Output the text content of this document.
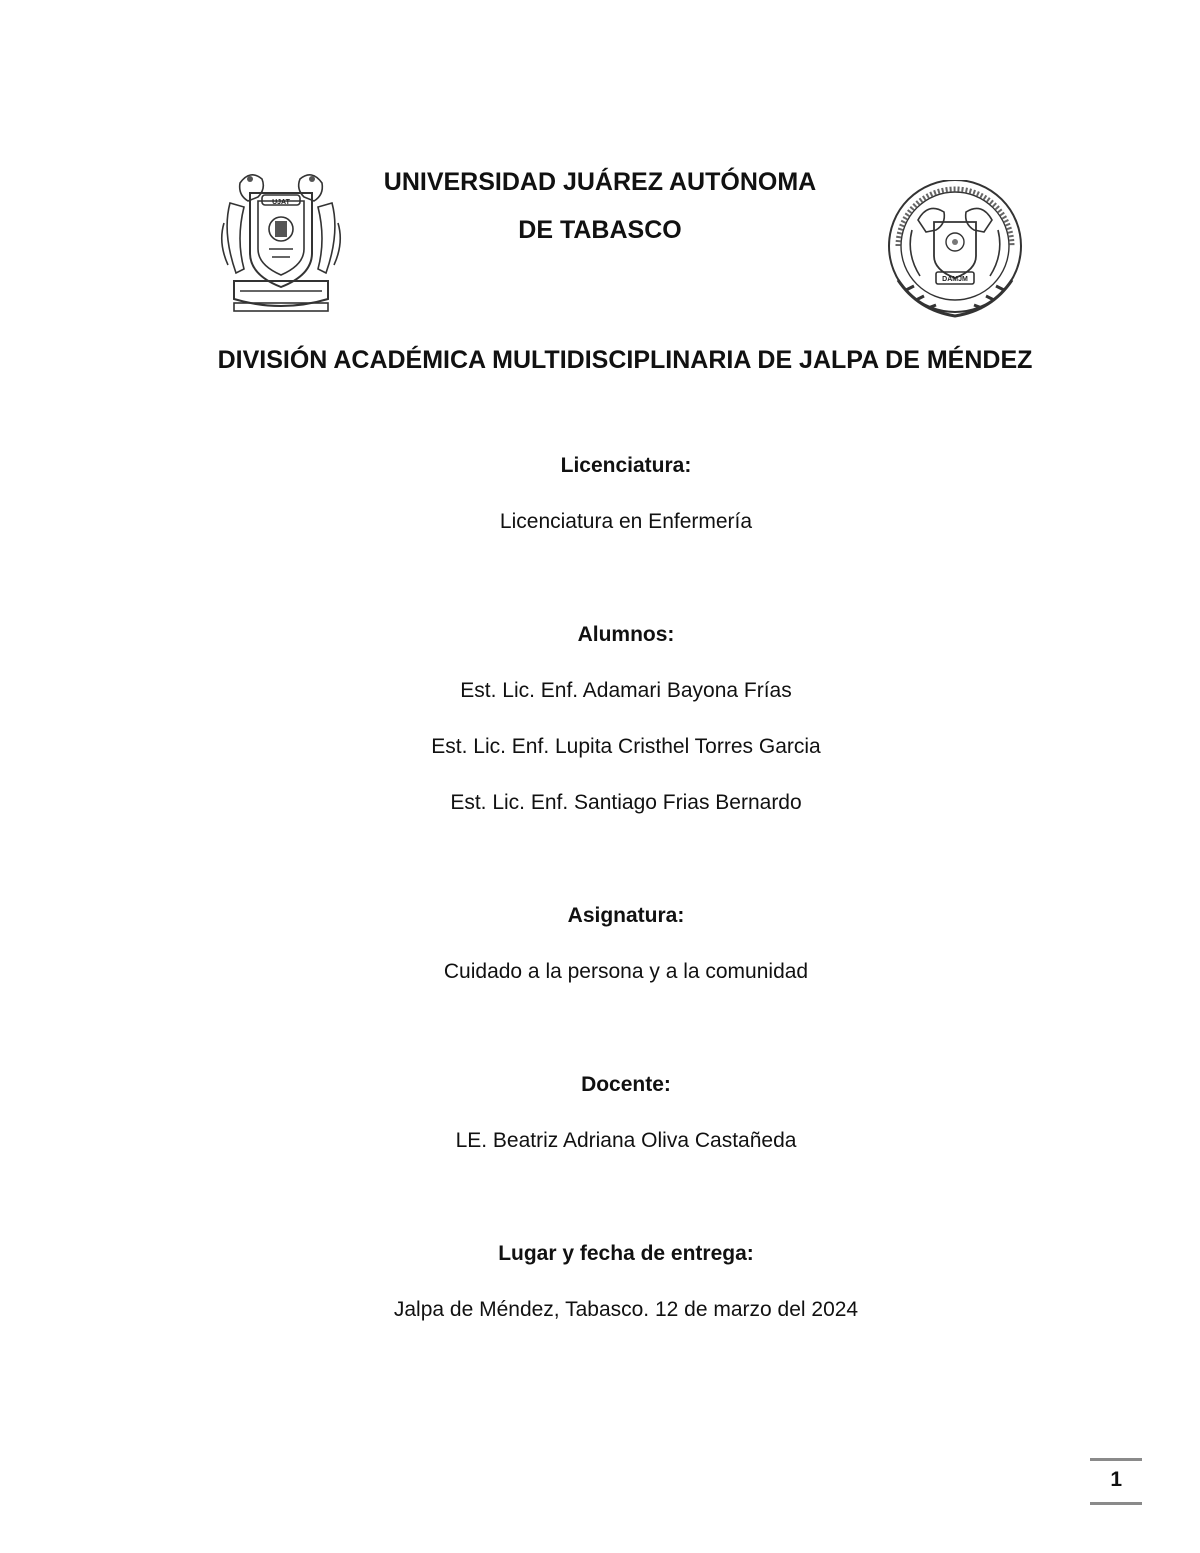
UJAT
DAMJM
UNIVERSIDAD JUÁREZ AUTÓNOMA
DE TABASCO
DIVISIÓN ACADÉMICA MULTIDISCIPLINARIA DE JALPA DE MÉNDEZ
Licenciatura:
Licenciatura en Enfermería
Alumnos:
Est. Lic. Enf. Adamari Bayona Frías
Est. Lic. Enf. Lupita Cristhel Torres Garcia
Est. Lic. Enf. Santiago Frias Bernardo
Asignatura:
Cuidado a la persona y a la comunidad
Docente:
LE. Beatriz Adriana Oliva Castañeda
Lugar y fecha de entrega:
Jalpa de Méndez, Tabasco. 12 de marzo del 2024
1
